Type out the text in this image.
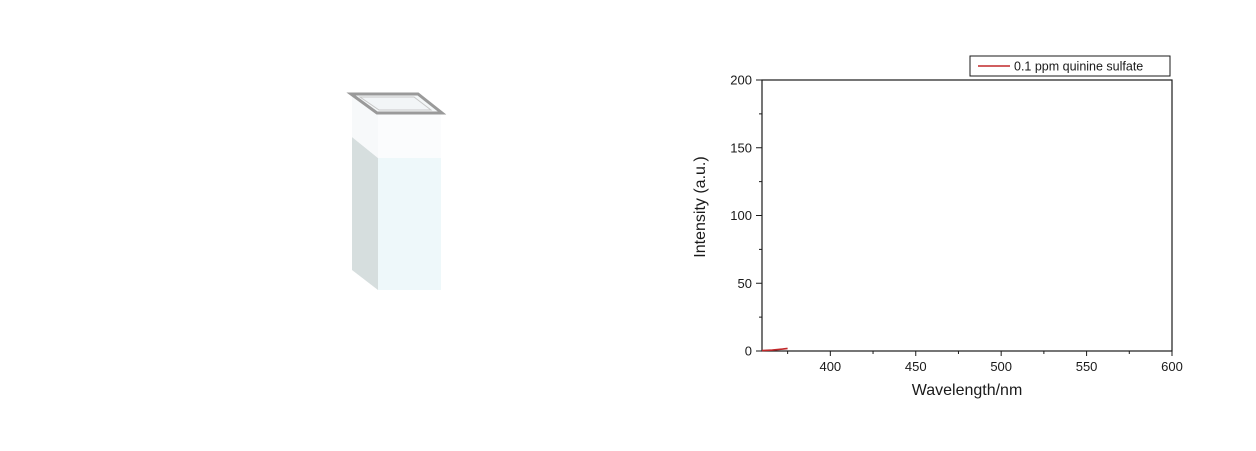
0
50
100
150
200
400	450	500	550	600
Wavelength/nm
Intensity (a.u.)
0.1 ppm quinine sulfate
